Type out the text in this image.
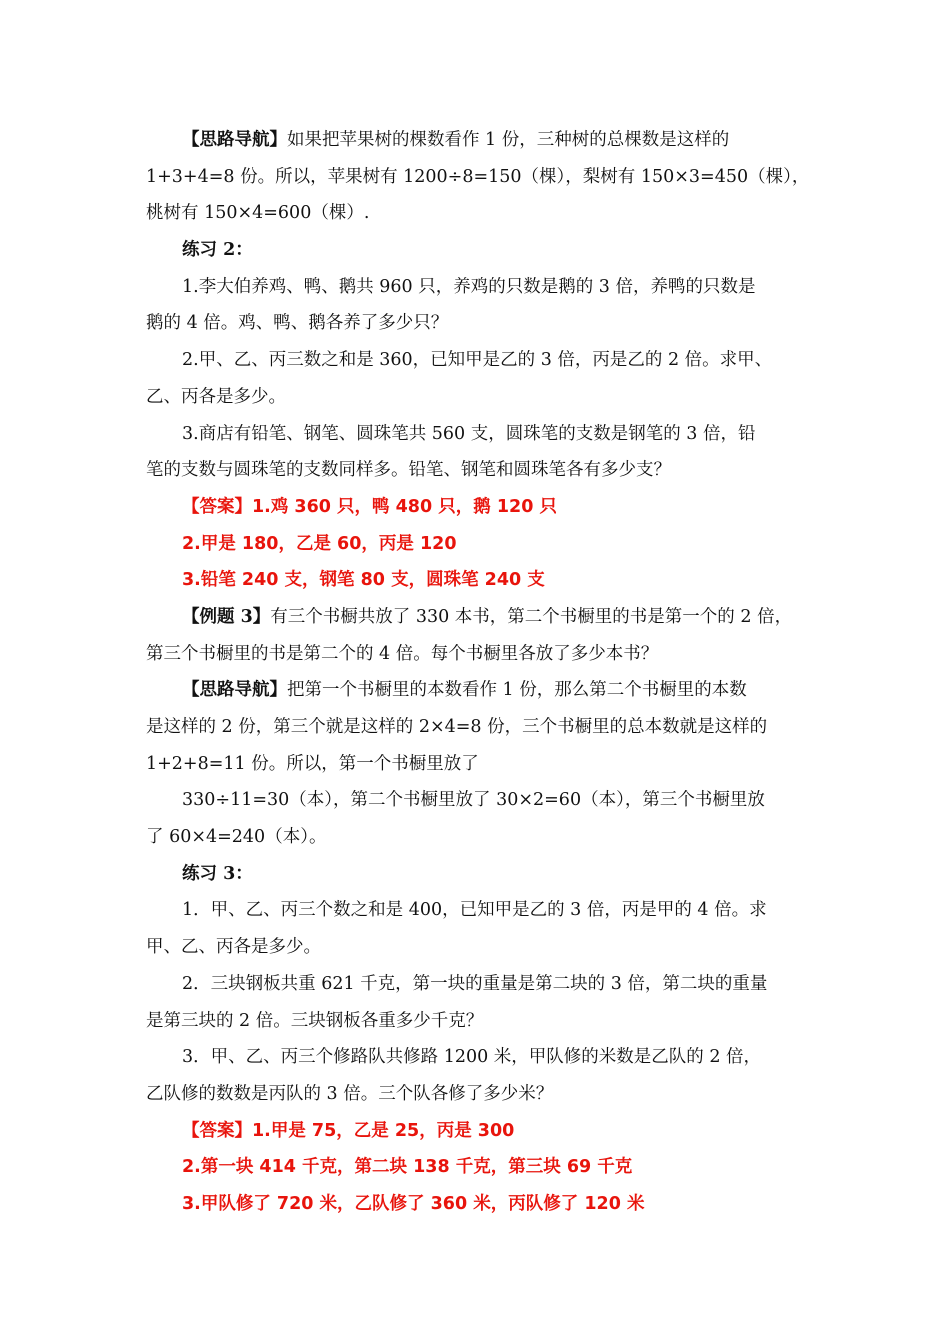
【思路导航】如果把苹果树的棵数看作 1 份，三种树的总棵数是这样的
1+3+4=8 份。所以，苹果树有 1200÷8=150（棵），梨树有 150×3=450（棵），
桃树有 150×4=600（棵）.
练习 2：
1.李大伯养鸡、鸭、鹅共 960 只，养鸡的只数是鹅的 3 倍，养鸭的只数是
鹅的 4 倍。鸡、鸭、鹅各养了多少只？
2.甲、乙、丙三数之和是 360，已知甲是乙的 3 倍，丙是乙的 2 倍。求甲、
乙、丙各是多少。
3.商店有铅笔、钢笔、圆珠笔共 560 支，圆珠笔的支数是钢笔的 3 倍，铅
笔的支数与圆珠笔的支数同样多。铅笔、钢笔和圆珠笔各有多少支？
【答案】1.鸡 360 只，鸭 480 只，鹅 120 只
2.甲是 180，乙是 60，丙是 120
3.铅笔 240 支，钢笔 80 支，圆珠笔 240 支
【例题 3】有三个书橱共放了 330 本书，第二个书橱里的书是第一个的 2 倍，
第三个书橱里的书是第二个的 4 倍。每个书橱里各放了多少本书？
【思路导航】把第一个书橱里的本数看作 1 份，那么第二个书橱里的本数
是这样的 2 份，第三个就是这样的 2×4=8 份，三个书橱里的总本数就是这样的
1+2+8=11 份。所以，第一个书橱里放了
330÷11=30（本），第二个书橱里放了 30×2=60（本），第三个书橱里放
了 60×4=240（本）。
练习 3：
1．甲、乙、丙三个数之和是 400，已知甲是乙的 3 倍，丙是甲的 4 倍。求
甲、乙、丙各是多少。
2．三块钢板共重 621 千克，第一块的重量是第二块的 3 倍，第二块的重量
是第三块的 2 倍。三块钢板各重多少千克？
3．甲、乙、丙三个修路队共修路 1200 米，甲队修的米数是乙队的 2 倍，
乙队修的数数是丙队的 3 倍。三个队各修了多少米？
【答案】1.甲是 75，乙是 25，丙是 300
2.第一块 414 千克，第二块 138 千克，第三块 69 千克
3.甲队修了 720 米，乙队修了 360 米，丙队修了 120 米
